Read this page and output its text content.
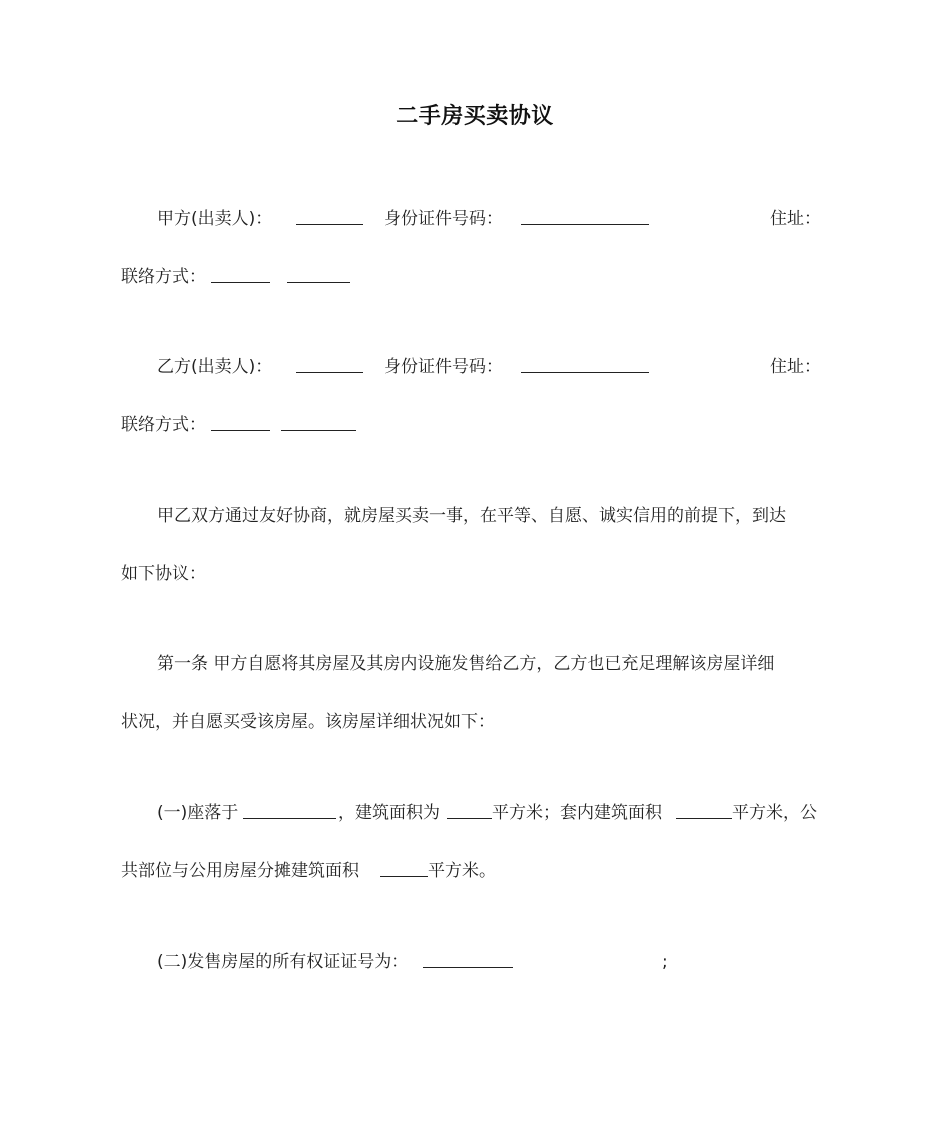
二手房买卖协议
甲方(出卖人)：	身份证件号码：	住址：
联络方式：
乙方(出卖人)：	身份证件号码：	住址：
联络方式：
甲乙双方通过友好协商，就房屋买卖一事，在平等、自愿、诚实信用的前提下，到达
如下协议：
第一条 甲方自愿将其房屋及其房内设施发售给乙方，乙方也已充足理解该房屋详细
状况，并自愿买受该房屋。该房屋详细状况如下：
(一)座落于	，建筑面积为	平方米；套内建筑面积	平方米，公
共部位与公用房屋分摊建筑面积	平方米。
(二)发售房屋的所有权证证号为：	;
